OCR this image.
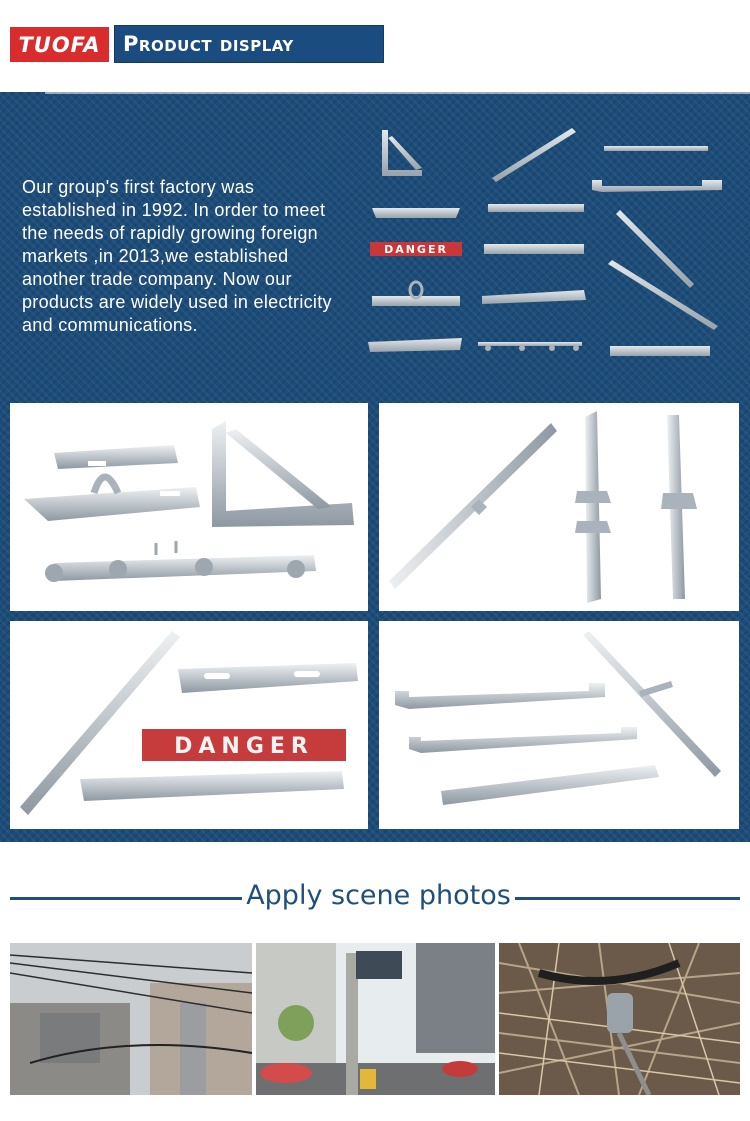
TUOFA Product display

Our group's first factory was established in 1992. In order to meet the needs of rapidly growing foreign markets ,in 2013,we established another trade company. Now our products are widely used in electricity and communications.

DANGER
DANGER
Apply scene photos
